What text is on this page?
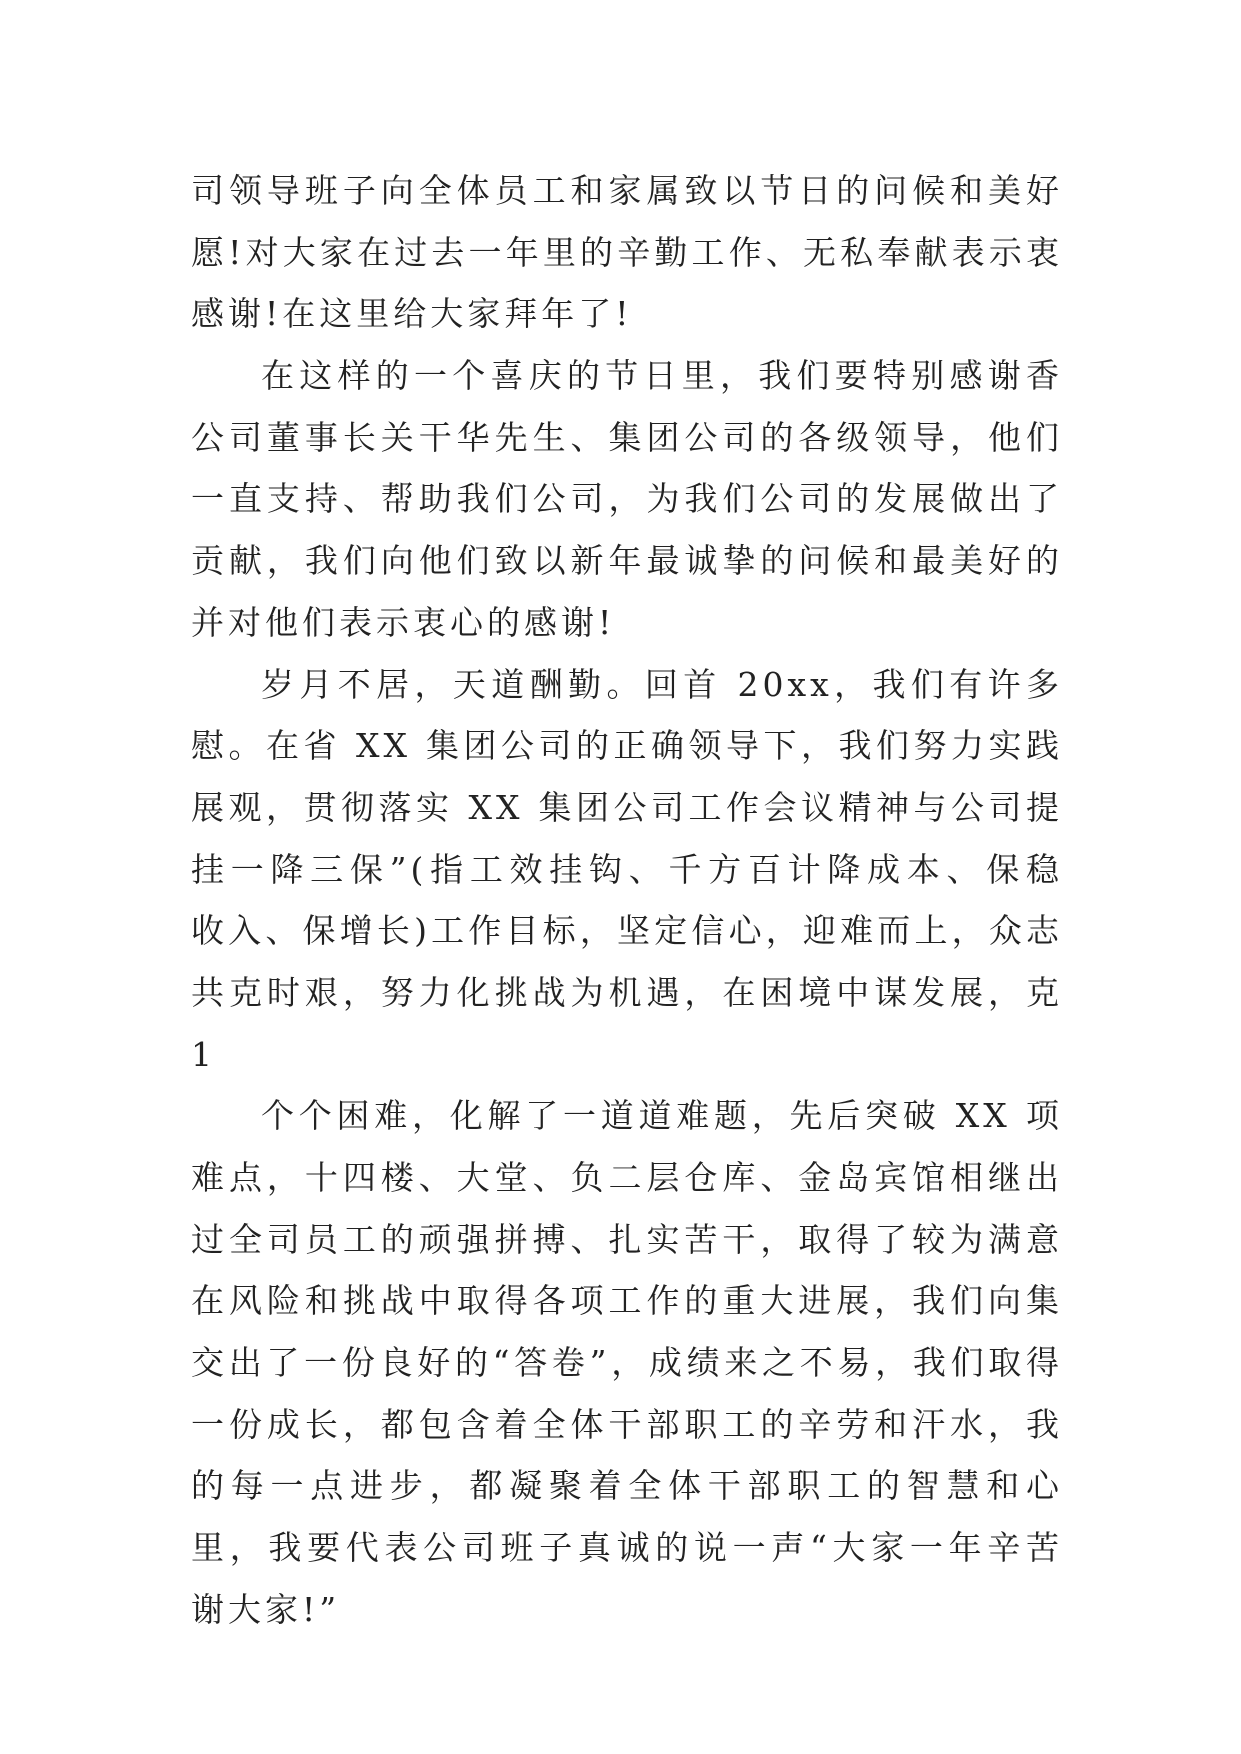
司领导班子向全体员工和家属致以节日的问候和美好
愿!对大家在过去一年里的辛勤工作、无私奉献表示衷
感谢!在这里给大家拜年了!
在这样的一个喜庆的节日里，我们要特别感谢香
公司董事长关干华先生、集团公司的各级领导，他们
一直支持、帮助我们公司，为我们公司的发展做出了
贡献，我们向他们致以新年最诚挚的问候和最美好的
并对他们表示衷心的感谢!
岁月不居，天道酬勤。回首 20xx，我们有许多
慰。在省 XX 集团公司的正确领导下，我们努力实践
展观，贯彻落实 XX 集团公司工作会议精神与公司提
挂一降三保”(指工效挂钩、千方百计降成本、保稳
收入、保增长)工作目标，坚定信心，迎难而上，众志
共克时艰，努力化挑战为机遇，在困境中谋发展，克
1
个个困难，化解了一道道难题，先后突破 XX 项
难点，十四楼、大堂、负二层仓库、金岛宾馆相继出
过全司员工的顽强拼搏、扎实苦干，取得了较为满意
在风险和挑战中取得各项工作的重大进展，我们向集
交出了一份良好的“答卷”，成绩来之不易，我们取得
一份成长，都包含着全体干部职工的辛劳和汗水，我
的每一点进步，都凝聚着全体干部职工的智慧和心
里，我要代表公司班子真诚的说一声“大家一年辛苦
谢大家!”
